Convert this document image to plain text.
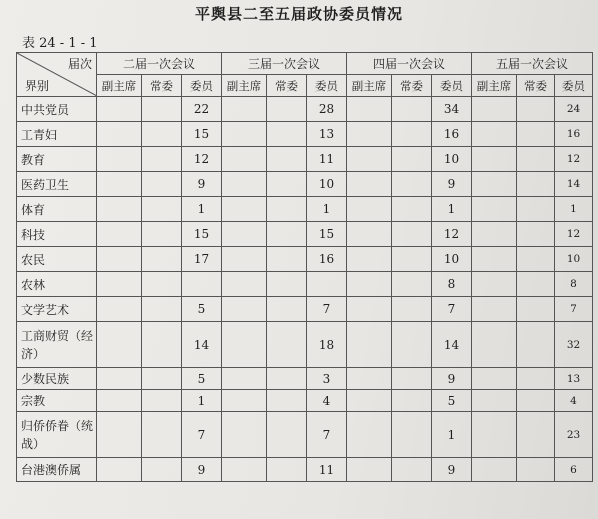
平舆县二至五届政协委员情况
表 24 - 1 - 1
届次
界别	二届一次会议			三届一次会议			四届一次会议			五届一次会议		
	副主席	常委	委员	副主席	常委	委员	副主席	常委	委员	副主席	常委	委员
中共党员			22			28			34			24
工青妇			15			13			16			16
教育			12			11			10			12
医药卫生			9			10			9			14
体育			1			1			1			1
科技			15			15			12			12
农民			17			16			10			10
农林									8			8
文学艺术			5			7			7			7
工商财贸（经济）			14			18			14			32
少数民族			5			3			9			13
宗教			1			4			5			4
归侨侨眷（统战）			7			7			1			23
台港澳侨属			9			11			9			6
